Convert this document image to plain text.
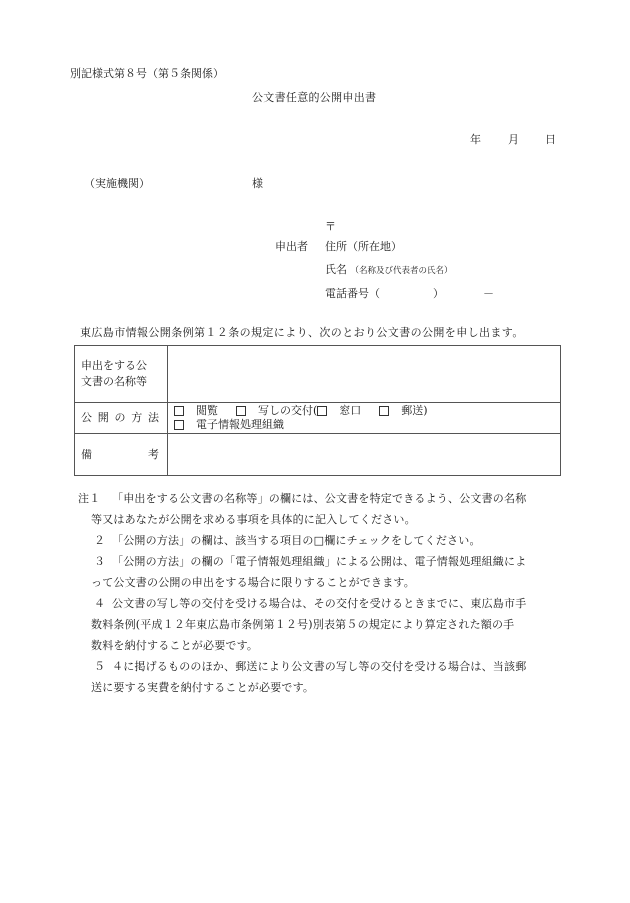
別記様式第８号（第５条関係）
公文書任意的公開申出書
年 月 日
（実施機関）	様
〒
申出者 住所（所在地）
氏名 （名称及び代表者の氏名）
電話番号（	）	－
東広島市情報公開条例第１２条の規定により、次のとおり公文書の公開を申し出ます。
申出をする公
文書の名称等	

公 開 の 方 法

閲覧	写しの交付( 窓口	郵送)
電子情報処理組織

備 考	

注１ 「申出をする公文書の名称等」の欄には、公文書を特定できるよう、公文書の名称
等又はあなたが公開を求める事項を具体的に記入してください。
２ 「公開の方法」の欄は、該当する項目の□欄にチェックをしてください。
３ 「公開の方法」の欄の「電子情報処理組織」による公開は、電子情報処理組織によ
って公文書の公開の申出をする場合に限りすることができます。
４ 公文書の写し等の交付を受ける場合は、その交付を受けるときまでに、東広島市手
数料条例(平成１２年東広島市条例第１２号)別表第５の規定により算定された額の手
数料を納付することが必要です。
５ ４に掲げるもののほか、郵送により公文書の写し等の交付を受ける場合は、当該郵
送に要する実費を納付することが必要です。
